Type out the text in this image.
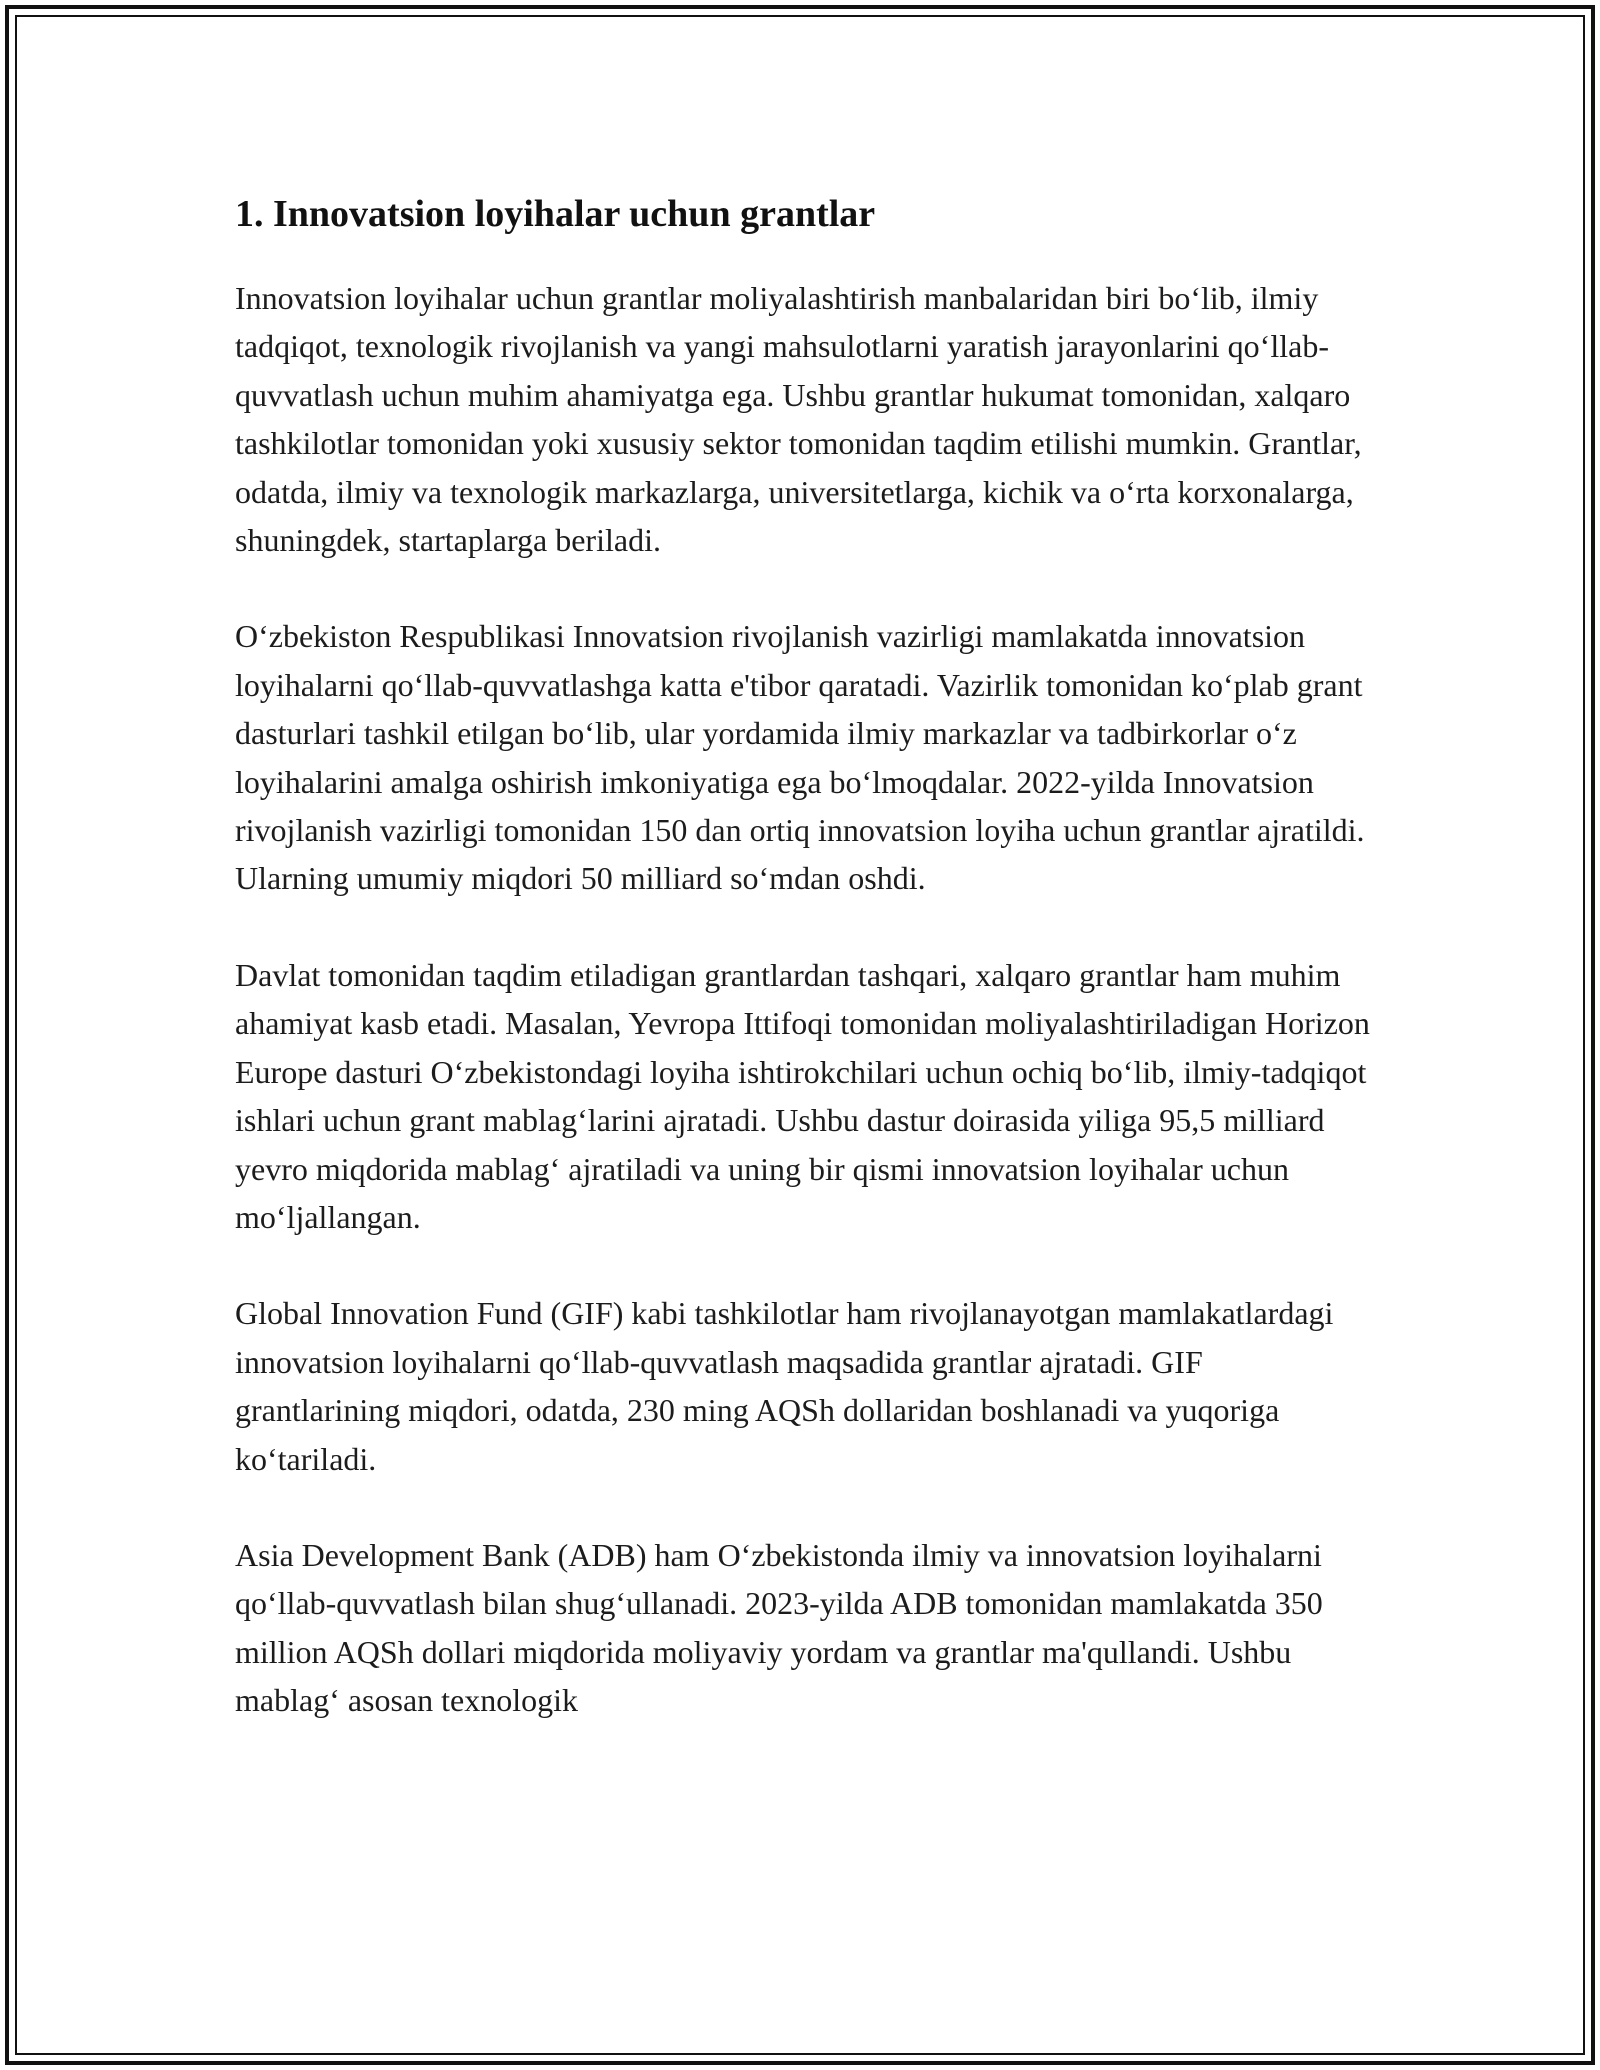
1. Innovatsion loyihalar uchun grantlar

Innovatsion loyihalar uchun grantlar moliyalashtirish manbalaridan biri bo‘lib, ilmiy tadqiqot, texnologik rivojlanish va yangi mahsulotlarni yaratish jarayonlarini qo‘llab-quvvatlash uchun muhim ahamiyatga ega. Ushbu grantlar hukumat tomonidan, xalqaro tashkilotlar tomonidan yoki xususiy sektor tomonidan taqdim etilishi mumkin. Grantlar, odatda, ilmiy va texnologik markazlarga, universitetlarga, kichik va o‘rta korxonalarga, shuningdek, startaplarga beriladi.

O‘zbekiston Respublikasi Innovatsion rivojlanish vazirligi mamlakatda innovatsion loyihalarni qo‘llab-quvvatlashga katta e'tibor qaratadi. Vazirlik tomonidan ko‘plab grant dasturlari tashkil etilgan bo‘lib, ular yordamida ilmiy markazlar va tadbirkorlar o‘z loyihalarini amalga oshirish imkoniyatiga ega bo‘lmoqdalar. 2022-yilda Innovatsion rivojlanish vazirligi tomonidan 150 dan ortiq innovatsion loyiha uchun grantlar ajratildi. Ularning umumiy miqdori 50 milliard so‘mdan oshdi.

Davlat tomonidan taqdim etiladigan grantlardan tashqari, xalqaro grantlar ham muhim ahamiyat kasb etadi. Masalan, Yevropa Ittifoqi tomonidan moliyalashtiriladigan Horizon Europe dasturi O‘zbekistondagi loyiha ishtirokchilari uchun ochiq bo‘lib, ilmiy-tadqiqot ishlari uchun grant mablag‘larini ajratadi. Ushbu dastur doirasida yiliga 95,5 milliard yevro miqdorida mablag‘ ajratiladi va uning bir qismi innovatsion loyihalar uchun mo‘ljallangan.

Global Innovation Fund (GIF) kabi tashkilotlar ham rivojlanayotgan mamlakatlardagi innovatsion loyihalarni qo‘llab-quvvatlash maqsadida grantlar ajratadi. GIF grantlarining miqdori, odatda, 230 ming AQSh dollaridan boshlanadi va yuqoriga ko‘tariladi.

Asia Development Bank (ADB) ham O‘zbekistonda ilmiy va innovatsion loyihalarni qo‘llab-quvvatlash bilan shug‘ullanadi. 2023-yilda ADB tomonidan mamlakatda 350 million AQSh dollari miqdorida moliyaviy yordam va grantlar ma'qullandi. Ushbu mablag‘ asosan texnologik
